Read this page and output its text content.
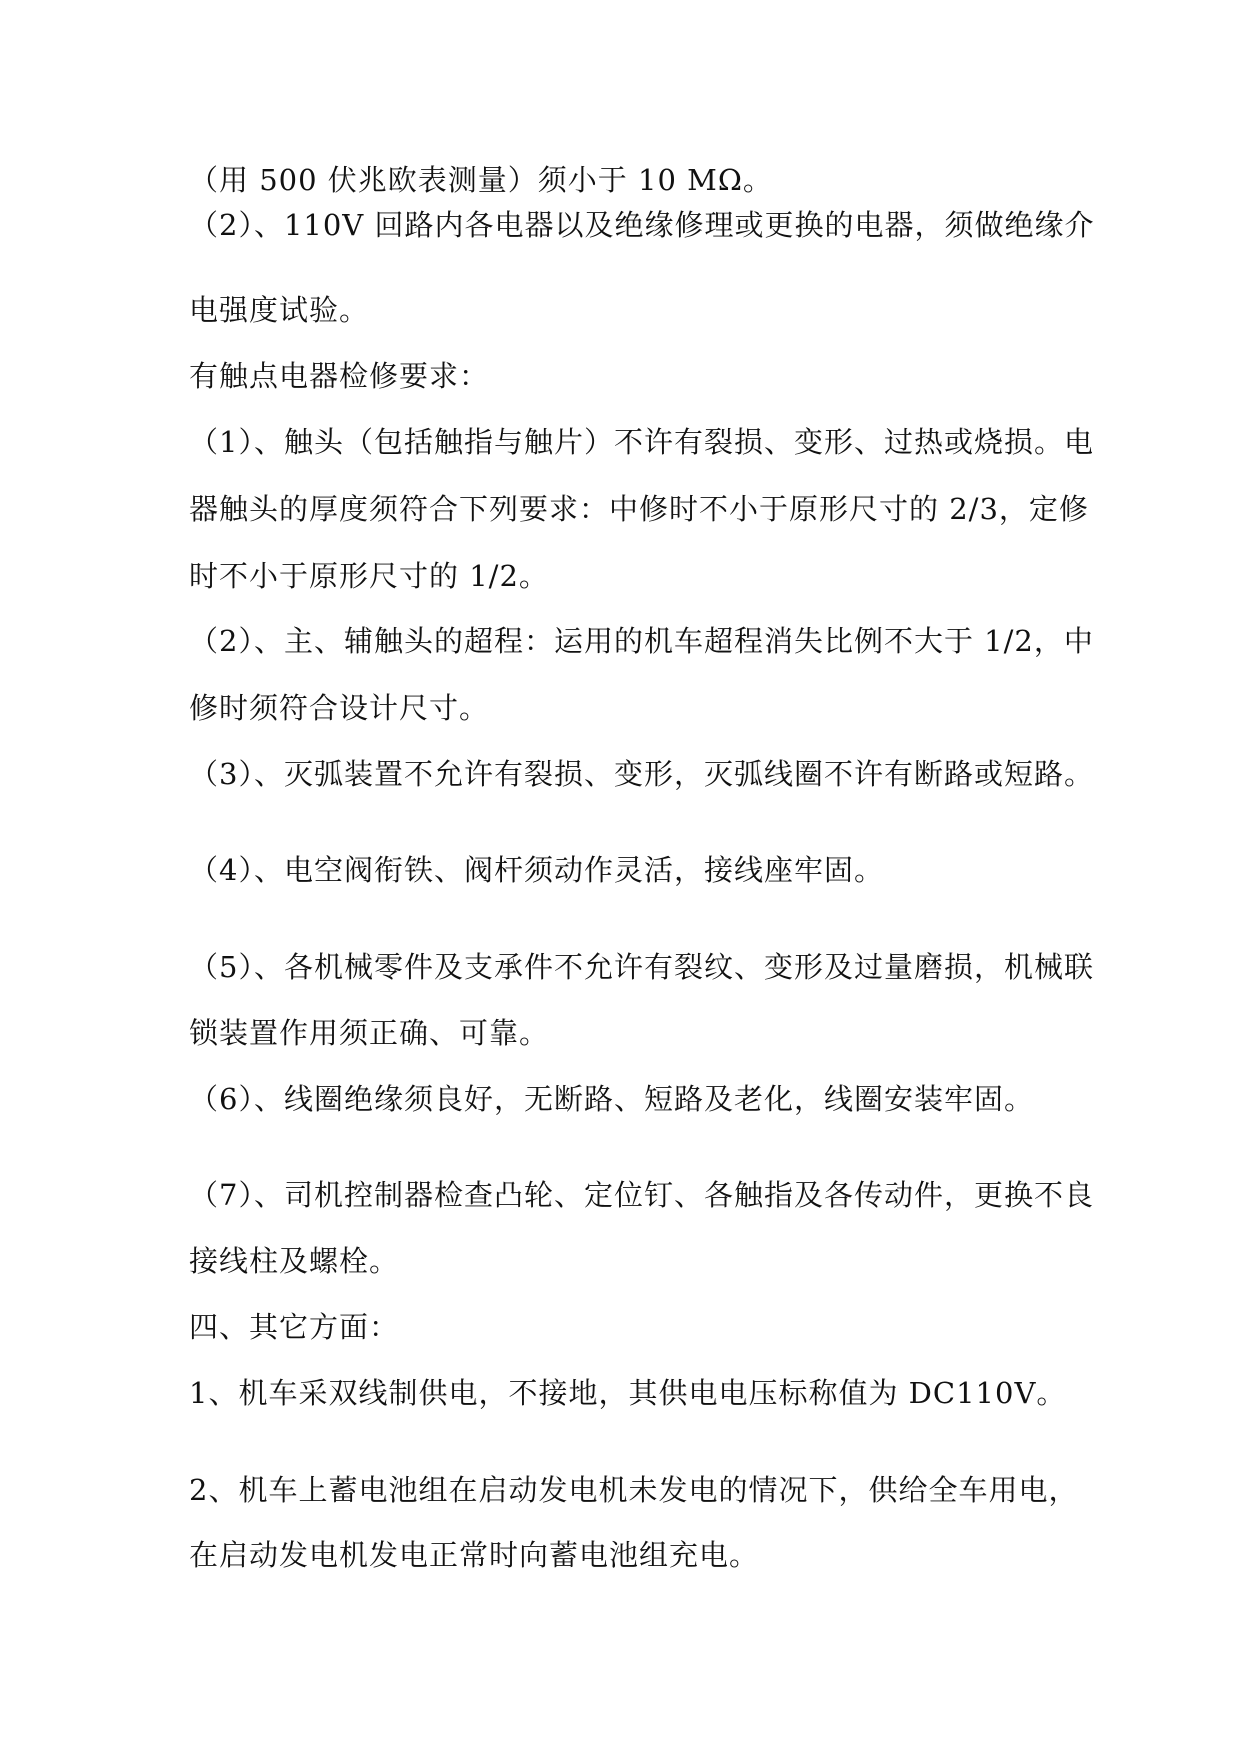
（用 500 伏兆欧表测量）须小于 10 MΩ。
（2）、110V 回路内各电器以及绝缘修理或更换的电器，须做绝缘介
电强度试验。
有触点电器检修要求：
（1）、触头（包括触指与触片）不许有裂损、变形、过热或烧损。电
器触头的厚度须符合下列要求：中修时不小于原形尺寸的 2/3，定修
时不小于原形尺寸的 1/2。
（2）、主、辅触头的超程：运用的机车超程消失比例不大于 1/2，中
修时须符合设计尺寸。
（3）、灭弧装置不允许有裂损、变形，灭弧线圈不许有断路或短路。
（4）、电空阀衔铁、阀杆须动作灵活，接线座牢固。
（5）、各机械零件及支承件不允许有裂纹、变形及过量磨损，机械联
锁装置作用须正确、可靠。
（6）、线圈绝缘须良好，无断路、短路及老化，线圈安装牢固。
（7）、司机控制器检查凸轮、定位钉、各触指及各传动件，更换不良
接线柱及螺栓。
四、其它方面：
1、机车采双线制供电，不接地，其供电电压标称值为 DC110V。
2、机车上蓄电池组在启动发电机未发电的情况下，供给全车用电，
在启动发电机发电正常时向蓄电池组充电。
